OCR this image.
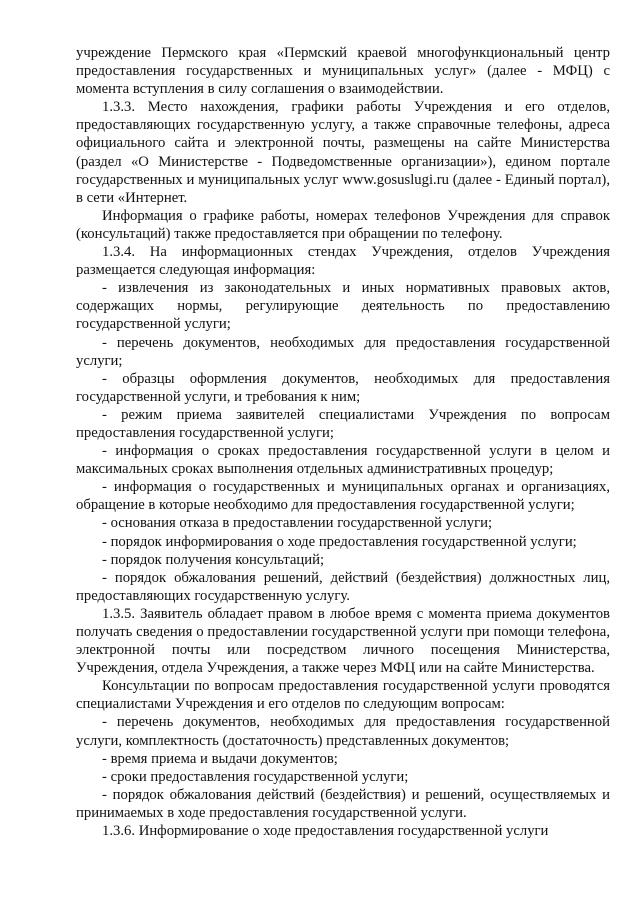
учреждение Пермского края «Пермский краевой многофункциональный центр предоставления государственных и муниципальных услуг» (далее - МФЦ) с момента вступления в силу соглашения о взаимодействии.

1.3.3. Место нахождения, графики работы Учреждения и его отделов, предоставляющих государственную услугу, а также справочные телефоны, адреса официального сайта и электронной почты, размещены на сайте Министерства (раздел «О Министерстве - Подведомственные организации»), едином портале государственных и муниципальных услуг www.gosuslugi.ru (далее - Единый портал), в сети «Интернет.

Информация о графике работы, номерах телефонов Учреждения для справок (консультаций) также предоставляется при обращении по телефону.

1.3.4. На информационных стендах Учреждения, отделов Учреждения размещается следующая информация:

- извлечения из законодательных и иных нормативных правовых актов, содержащих нормы, регулирующие деятельность по предоставлению государственной услуги;

- перечень документов, необходимых для предоставления государственной услуги;

- образцы оформления документов, необходимых для предоставления государственной услуги, и требования к ним;

- режим приема заявителей специалистами Учреждения по вопросам предоставления государственной услуги;

- информация о сроках предоставления государственной услуги в целом и максимальных сроках выполнения отдельных административных процедур;

- информация о государственных и муниципальных органах и организациях, обращение в которые необходимо для предоставления государственной услуги;

- основания отказа в предоставлении государственной услуги;

- порядок информирования о ходе предоставления государственной услуги;

- порядок получения консультаций;

- порядок обжалования решений, действий (бездействия) должностных лиц, предоставляющих государственную услугу.

1.3.5. Заявитель обладает правом в любое время с момента приема документов получать сведения о предоставлении государственной услуги при помощи телефона, электронной почты или посредством личного посещения Министерства, Учреждения, отдела Учреждения, а также через МФЦ или на сайте Министерства.

Консультации по вопросам предоставления государственной услуги проводятся специалистами Учреждения и его отделов по следующим вопросам:

- перечень документов, необходимых для предоставления государственной услуги, комплектность (достаточность) представленных документов;

- время приема и выдачи документов;

- сроки предоставления государственной услуги;

- порядок обжалования действий (бездействия) и решений, осуществляемых и принимаемых в ходе предоставления государственной услуги.

1.3.6. Информирование о ходе предоставления государственной услуги
